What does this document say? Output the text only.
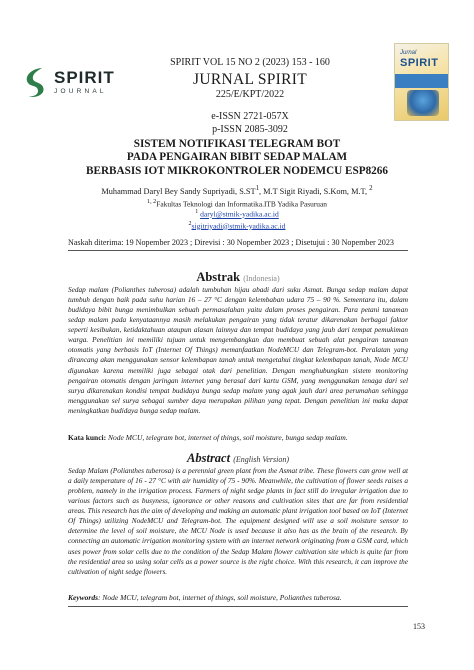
SPIRIT
JOURNAL
Jurnal
SPIRIT
SPIRIT VOL 15 NO 2 (2023) 153 - 160
JURNAL SPIRIT
225/E/KPT/2022
e-ISSN 2721-057X
p-ISSN 2085-3092
SISTEM NOTIFIKASI TELEGRAM BOT
PADA PENGAIRAN BIBIT SEDAP MALAM
BERBASIS IOT MIKROKONTROLER NODEMCU ESP8266
Muhammad Daryl Bey Sandy Supriyadi, $S.ST^1$, M.T Sigit Riyadi, S.Kom, M.T, $^2$
$^{1, 2}$Fakultas Teknologi dan Informatika.ITB Yadika Pasuruan
$^1$ daryl@stmik-yadika.ac.id
$^2$sigitriyadi@stmik-yadika.ac.id
Naskah diterima: 19 Nopember 2023 ; Direvisi : 30 Nopember 2023 ; Disetujui : 30 Nopember 2023
Abstrak (Indonesia)
Sedap malam (Polianthes tuberosa) adalah tumbuhan hijau abadi dari suku Asmat. Bunga sedap malam dapat tumbuh dengan baik pada suhu harian 16 – 27 °C dengan kelembaban udara 75 – 90 %. Sementara itu, dalam budidaya bibit bunga menimbulkan sebuah permasalahan yaitu dalam proses pengairan. Para petani tanaman sedap malam pada kenyataannya masih melakukan pengairan yang tidak teratur dikarenakan berbagai faktor seperti kesibukan, ketidaktahuan ataupun alasan lainnya dan tempat budidaya yang jauh dari tempat pemukiman warga. Penelitian ini memiliki tujuan untuk mengembangkan dan membuat sebuah alat pengairan tanaman otomatis yang berbasis IoT (Internet Of Things) memanfaatkan NodeMCU dan Telegram-bot. Peralatan yang dirancang akan menggunakan sensor kelembapan tanah untuk mengetahui tingkat kelembapan tanah, Node MCU digunakan karena memiliki juga sebagai otak dari penelitian. Dengan menghubungkan sistem monitoring pengairan otomatis dengan jaringan internet yang berasal dari kartu GSM, yang menggunakan tenaga dari sel surya dikarenakan kondisi tempat budidaya bunga sedap malam yang agak jauh dari area perumahan sehingga menggunakan sel surya sebagai sumber daya merupakan pilihan yang tepat. Dengan penelitian ini maka dapat meningkatkan budidaya bunga sedap malam.
Kata kunci: Node MCU, telegram bot, internet of things, soil moisture, bunga sedap malam.
Abstract (English Version)
Sedap Malam (Polianthes tuberosa) is a perennial green plant from the Asmat tribe. These flowers can grow well at a daily temperature of 16 - 27 °C with air humidity of 75 - 90%. Meanwhile, the cultivation of flower seeds raises a problem, namely in the irrigation process. Farmers of night sedge plants in fact still do irregular irrigation due to various factors such as busyness, ignorance or other reasons and cultivation sites that are far from residential areas. This research has the aim of developing and making an automatic plant irrigation tool based on IoT (Internet Of Things) utilizing NodeMCU and Telegram-bot. The equipment designed will use a soil moisture sensor to determine the level of soil moisture, the MCU Node is used because it also has as the brain of the research. By connecting an automatic irrigation monitoring system with an internet network originating from a GSM card, which uses power from solar cells due to the condition of the Sedap Malam flower cultivation site which is quite far from the residential area so using solar cells as a power source is the right choice. With this research, it can improve the cultivation of night sedge flowers.
Keywords: Node MCU, telegram bot, internet of things, soil moisture, Polianthes tuberosa.
153
